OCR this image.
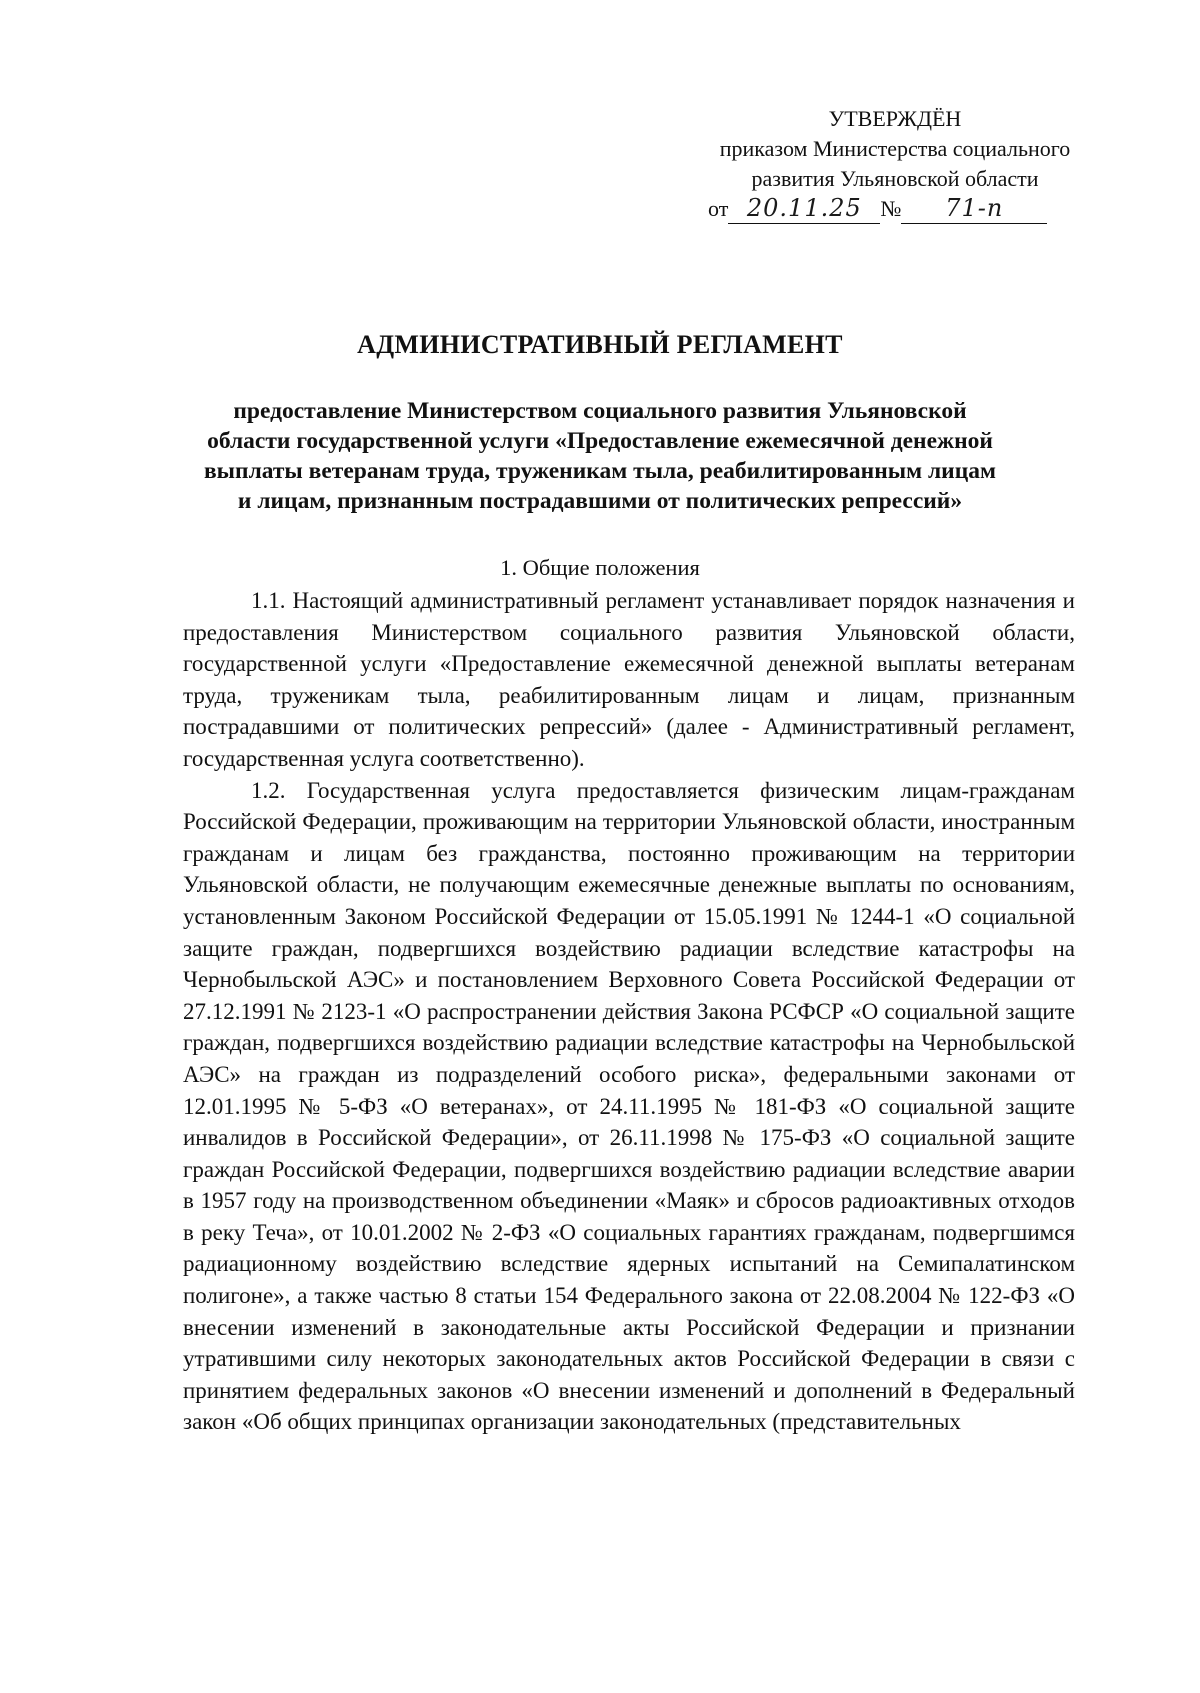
УТВЕРЖДЁН
приказом Министерства социального
развития Ульяновской области
от 20.11.25 № 71-п
АДМИНИСТРАТИВНЫЙ РЕГЛАМЕНТ
предоставление Министерством социального развития Ульяновской
области государственной услуги «Предоставление ежемесячной денежной
выплаты ветеранам труда, труженикам тыла, реабилитированным лицам
и лицам, признанным пострадавшими от политических репрессий»
1. Общие положения

1.1. Настоящий административный регламент устанавливает порядок назначения и предоставления Министерством социального развития Ульяновской области, государственной услуги «Предоставление ежемесячной денежной выплаты ветеранам труда, труженикам тыла, реабилитированным лицам и лицам, признанным пострадавшими от политических репрессий» (далее - Административный регламент, государственная услуга соответственно).

1.2. Государственная услуга предоставляется физическим лицам-гражданам Российской Федерации, проживающим на территории Ульяновской области, иностранным гражданам и лицам без гражданства, постоянно проживающим на территории Ульяновской области, не получающим ежемесячные денежные выплаты по основаниям, установленным Законом Российской Федерации от 15.05.1991 № 1244-1 «О социальной защите граждан, подвергшихся воздействию радиации вследствие катастрофы на Чернобыльской АЭС» и постановлением Верховного Совета Российской Федерации от 27.12.1991 № 2123-1 «О распространении действия Закона РСФСР «О социальной защите граждан, подвергшихся воздействию радиации вследствие катастрофы на Чернобыльской АЭС» на граждан из подразделений особого риска», федеральными законами от 12.01.1995 № 5-ФЗ «О ветеранах», от 24.11.1995 № 181-ФЗ «О социальной защите инвалидов в Российской Федерации», от 26.11.1998 № 175-ФЗ «О социальной защите граждан Российской Федерации, подвергшихся воздействию радиации вследствие аварии в 1957 году на производственном объединении «Маяк» и сбросов радиоактивных отходов в реку Теча», от 10.01.2002 № 2-ФЗ «О социальных гарантиях гражданам, подвергшимся радиационному воздействию вследствие ядерных испытаний на Семипалатинском полигоне», а также частью 8 статьи 154 Федерального закона от 22.08.2004 № 122-ФЗ «О внесении изменений в законодательные акты Российской Федерации и признании утратившими силу некоторых законодательных актов Российской Федерации в связи с принятием федеральных законов «О внесении изменений и дополнений в Федеральный закон «Об общих принципах организации законодательных (представительных
